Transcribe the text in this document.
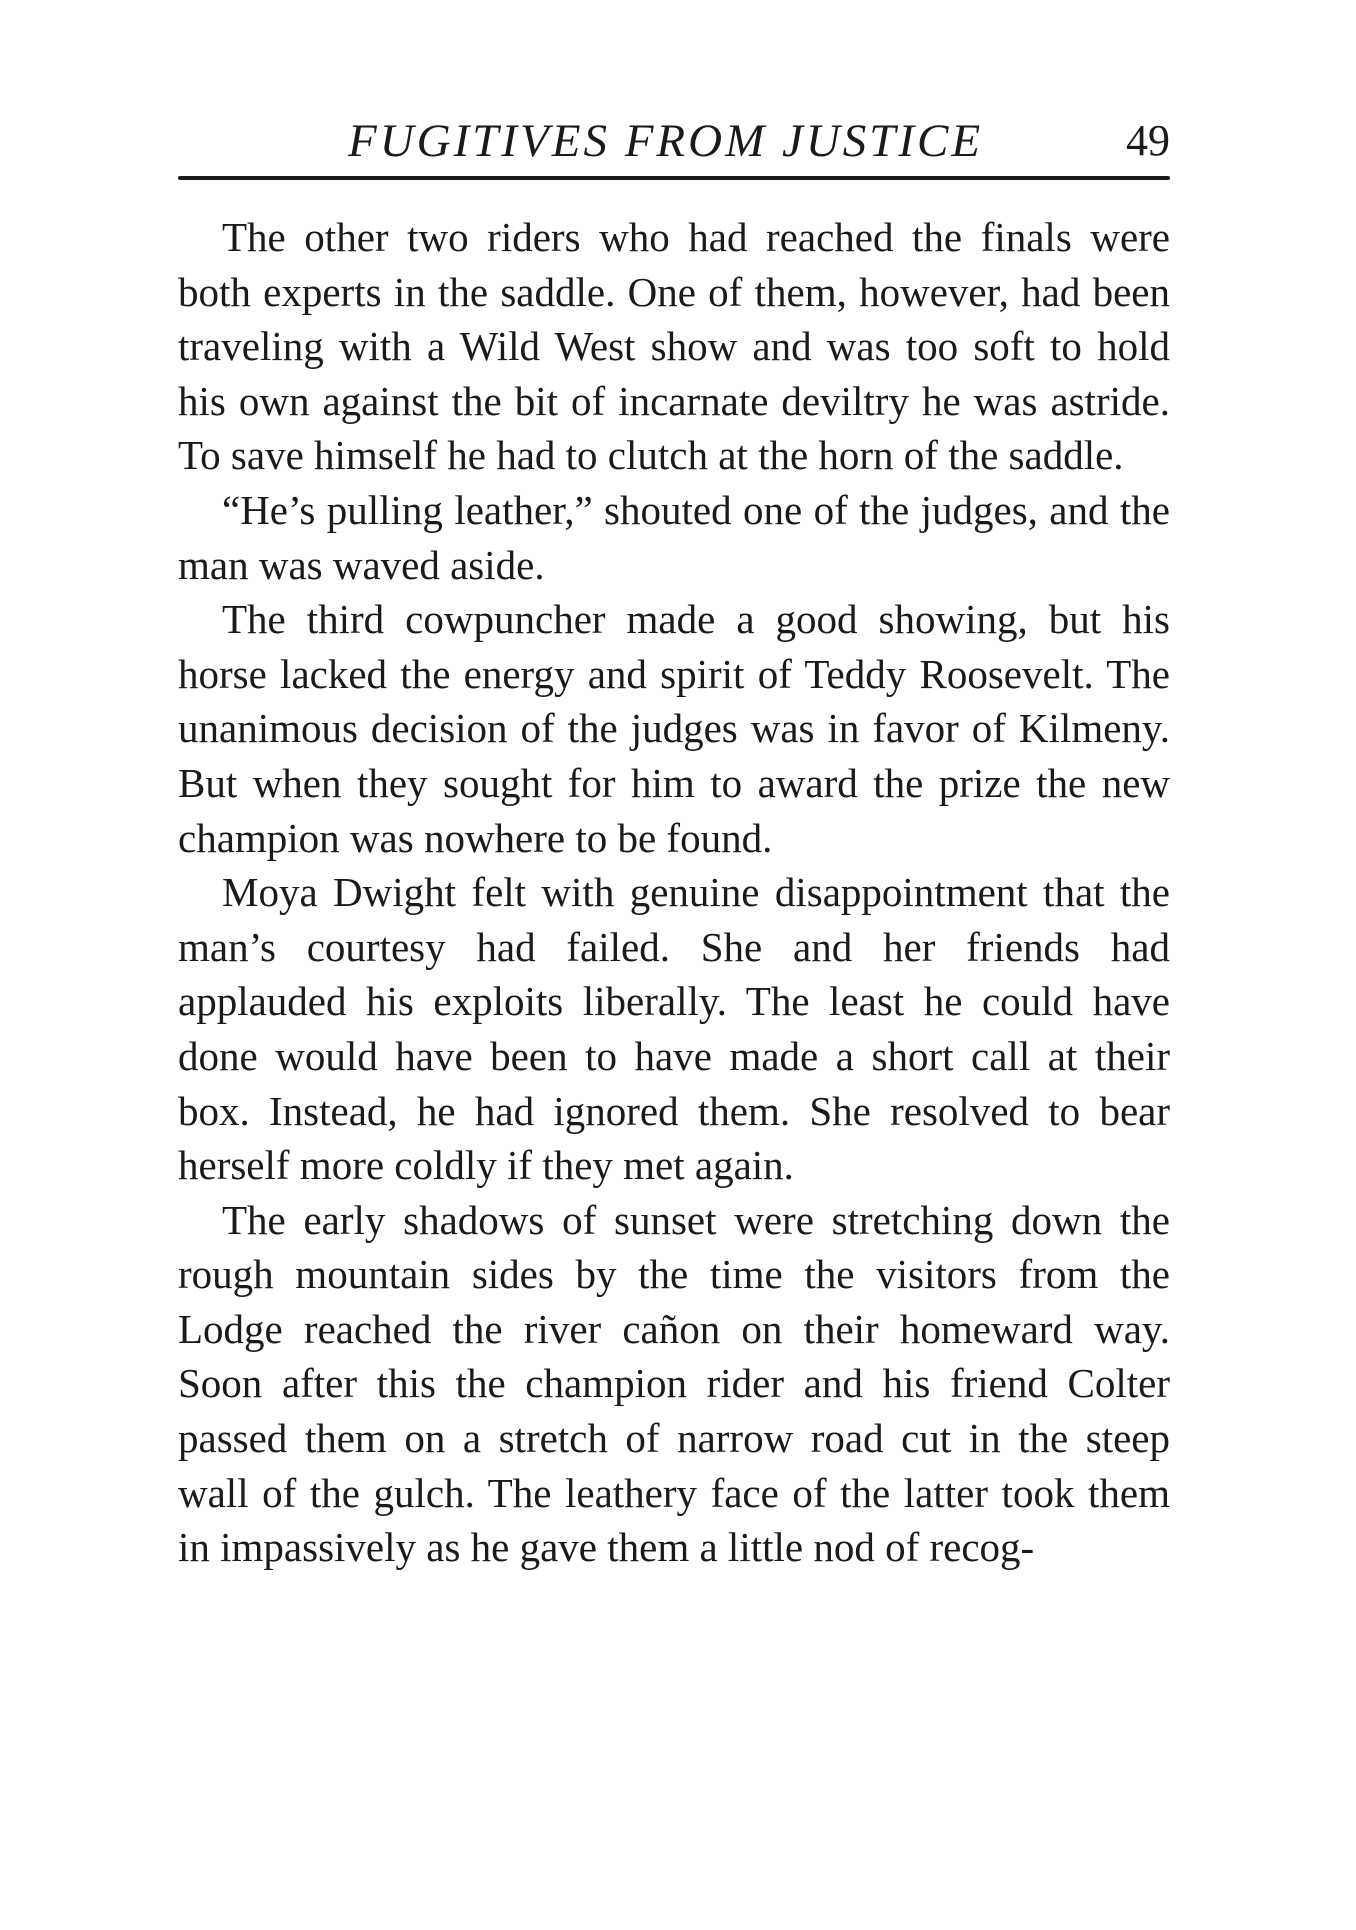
FUGITIVES FROM JUSTICE	49

The other two riders who had reached the finals were both experts in the saddle. One of them, however, had been traveling with a Wild West show and was too soft to hold his own against the bit of incarnate deviltry he was astride. To save himself he had to clutch at the horn of the saddle.

“He’s pulling leather,” shouted one of the judges, and the man was waved aside.

The third cowpuncher made a good showing, but his horse lacked the energy and spirit of Teddy Roosevelt. The unanimous decision of the judges was in favor of Kilmeny. But when they sought for him to award the prize the new champion was nowhere to be found.

Moya Dwight felt with genuine disappointment that the man’s courtesy had failed. She and her friends had applauded his exploits liberally. The least he could have done would have been to have made a short call at their box. Instead, he had ignored them. She resolved to bear herself more coldly if they met again.

The early shadows of sunset were stretching down the rough mountain sides by the time the visitors from the Lodge reached the river cañon on their homeward way. Soon after this the champion rider and his friend Colter passed them on a stretch of narrow road cut in the steep wall of the gulch. The leathery face of the latter took them in impassively as he gave them a little nod of recog-
